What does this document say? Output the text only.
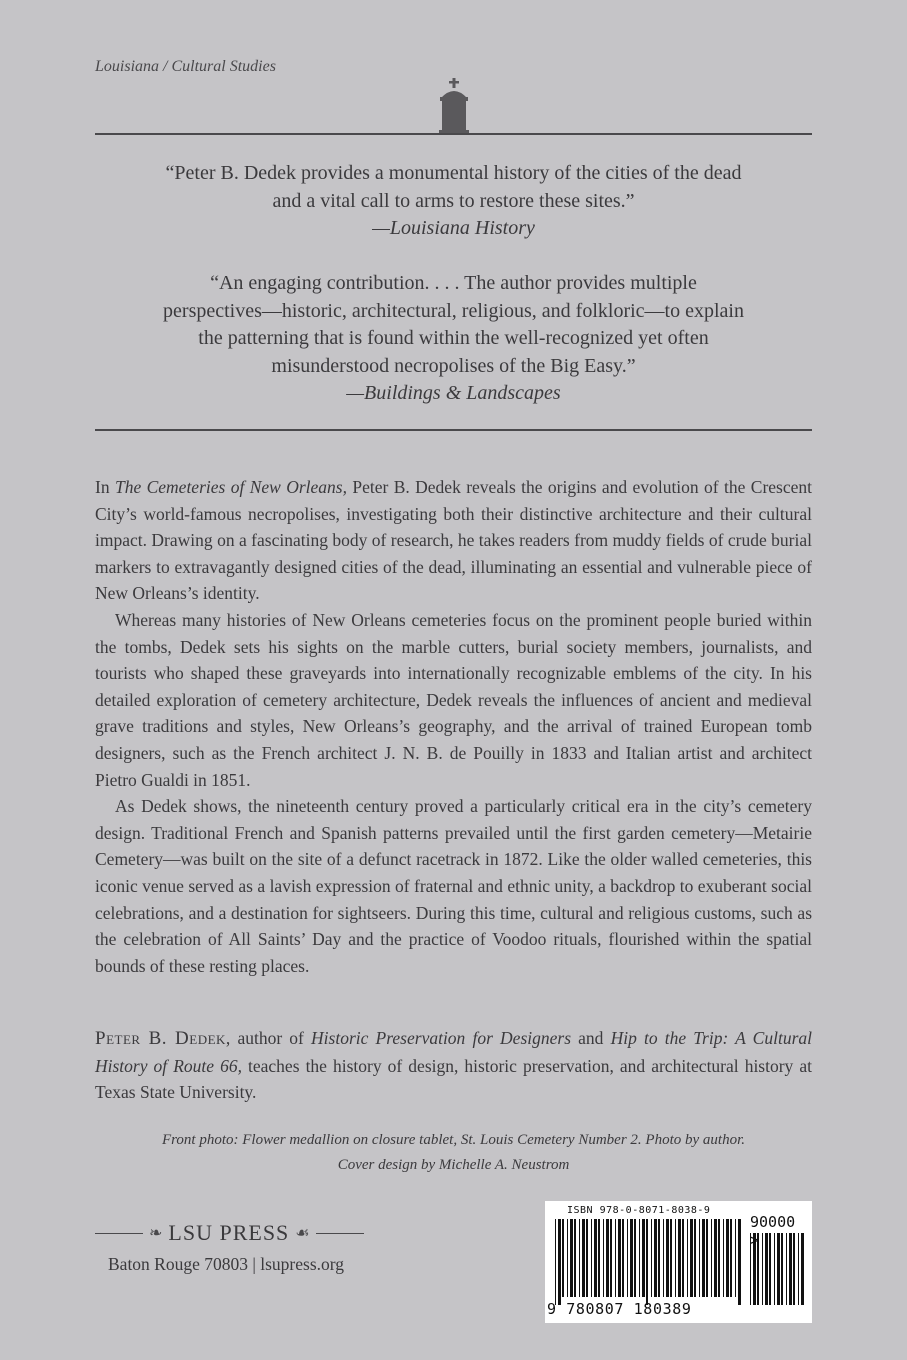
Louisiana / Cultural Studies
“Peter B. Dedek provides a monumental history of the cities of the dead
and a vital call to arms to restore these sites.”
—Louisiana History
“An engaging contribution. . . . The author provides multiple
perspectives—historic, architectural, religious, and folkloric—to explain
the patterning that is found within the well-recognized yet often
misunderstood necropolises of the Big Easy.”
—Buildings & Landscapes

In The Cemeteries of New Orleans, Peter B. Dedek reveals the origins and evolution of the Crescent City’s world-famous necropolises, investigating both their distinctive architecture and their cultural impact. Drawing on a fascinating body of research, he takes readers from muddy fields of crude burial markers to extravagantly designed cities of the dead, illuminating an essential and vulnerable piece of New Orleans’s identity.

Whereas many histories of New Orleans cemeteries focus on the prominent people buried within the tombs, Dedek sets his sights on the marble cutters, burial society members, journalists, and tourists who shaped these graveyards into internationally recognizable emblems of the city. In his detailed exploration of cemetery architecture, Dedek reveals the influences of ancient and medieval grave traditions and styles, New Orleans’s geography, and the arrival of trained European tomb designers, such as the French architect J. N. B. de Pouilly in 1833 and Italian artist and architect Pietro Gualdi in 1851.

As Dedek shows, the nineteenth century proved a particularly critical era in the city’s cemetery design. Traditional French and Spanish patterns prevailed until the first garden cemetery—Metairie Cemetery—was built on the site of a defunct racetrack in 1872. Like the older walled cemeteries, this iconic venue served as a lavish expression of fraternal and ethnic unity, a backdrop to exuberant social celebrations, and a destination for sightseers. During this time, cultural and religious customs, such as the celebration of All Saints’ Day and the practice of Voodoo rituals, flourished within the spatial bounds of these resting places.

Peter B. Dedek, author of Historic Preservation for Designers and Hip to the Trip: A Cultural History of Route 66, teaches the history of design, historic preservation, and architectural history at Texas State University.
Front photo: Flower medallion on closure tablet, St. Louis Cemetery Number 2. Photo by author.
Cover design by Michelle A. Neustrom
❧ LSU PRESS ☙
Baton Rouge 70803 | lsupress.org
ISBN 978-0-8071-8038-9
90000
9 780807 180389
